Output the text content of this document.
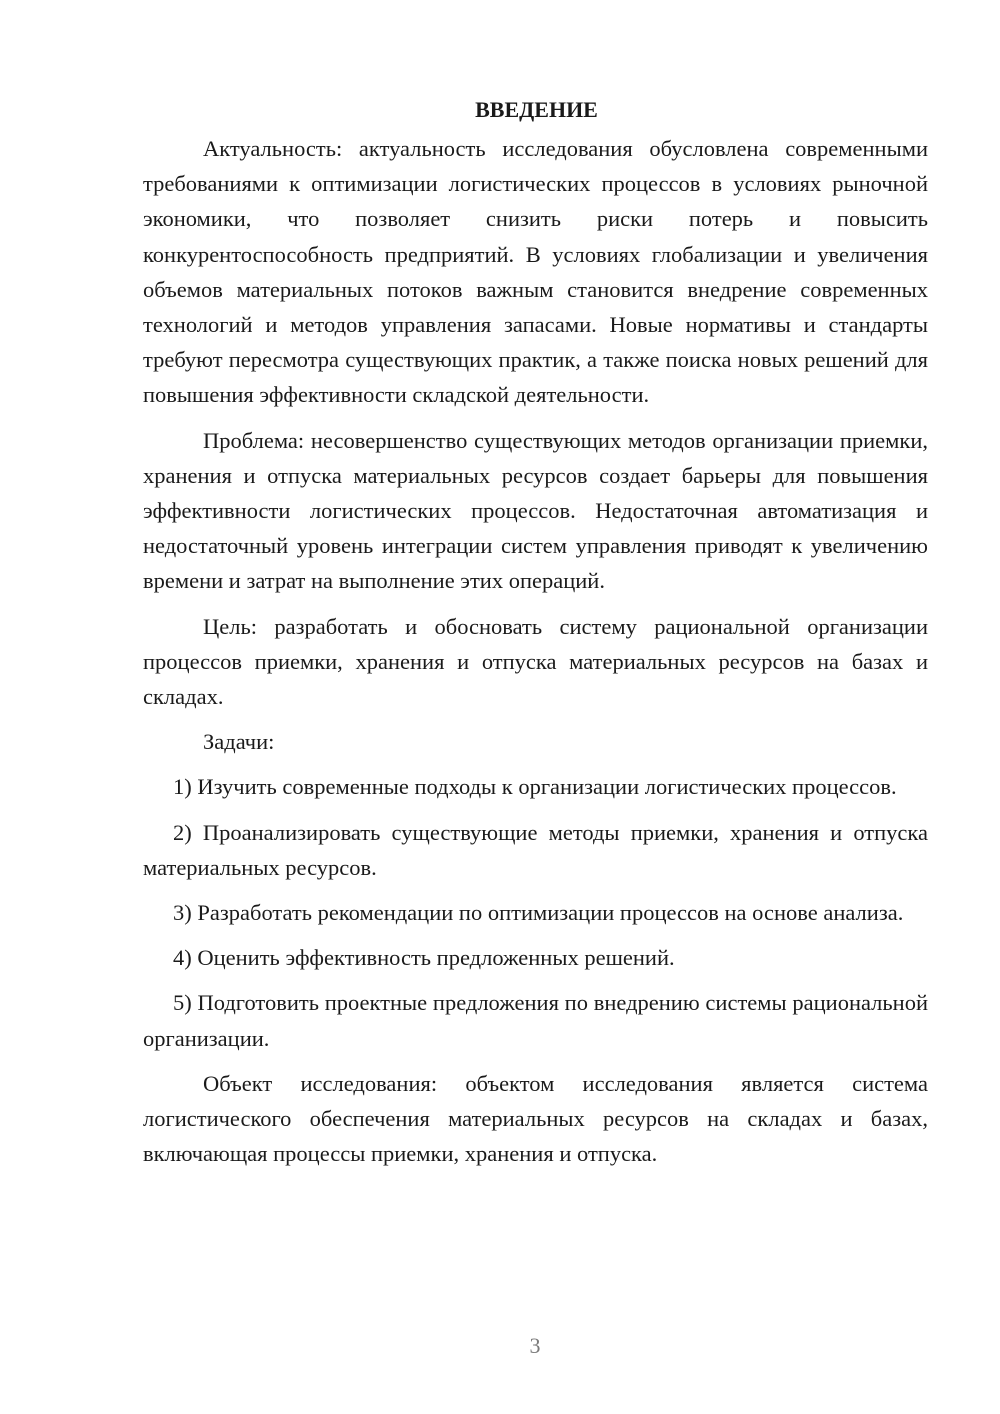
ВВЕДЕНИЕ

Актуальность: актуальность исследования обусловлена современными требованиями к оптимизации логистических процессов в условиях рыночной экономики, что позволяет снизить риски потерь и повысить конкурентоспособность предприятий. В условиях глобализации и увеличения объемов материальных потоков важным становится внедрение современных технологий и методов управления запасами. Новые нормативы и стандарты требуют пересмотра существующих практик, а также поиска новых решений для повышения эффективности складской деятельности.

Проблема: несовершенство существующих методов организации приемки, хранения и отпуска материальных ресурсов создает барьеры для повышения эффективности логистических процессов. Недостаточная автоматизация и недостаточный уровень интеграции систем управления приводят к увеличению времени и затрат на выполнение этих операций.

Цель: разработать и обосновать систему рациональной организации процессов приемки, хранения и отпуска материальных ресурсов на базах и складах.

Задачи:

1) Изучить современные подходы к организации логистических процессов.

2) Проанализировать существующие методы приемки, хранения и отпуска материальных ресурсов.

3) Разработать рекомендации по оптимизации процессов на основе анализа.

4) Оценить эффективность предложенных решений.

5) Подготовить проектные предложения по внедрению системы рациональной организации.

Объект исследования: объектом исследования является система логистического обеспечения материальных ресурсов на складах и базах, включающая процессы приемки, хранения и отпуска.

3
